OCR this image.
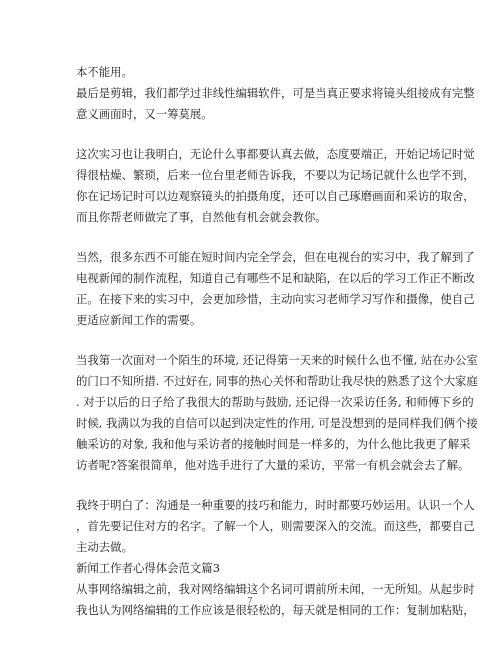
本不能用。
最后是剪辑，我们都学过非线性编辑软件，可是当真正要求将镜头组接成有完整
意义画面时，又一筹莫展。

这次实习也让我明白，无论什么事都要认真去做，态度要端正，开始记场记时觉
得很枯燥、繁琐，后来一位台里老师告诉我，不要以为记场记就什么也学不到，
你在记场记时可以边观察镜头的拍摄角度，还可以自己琢磨画面和采访的取舍，
而且你帮老师做完了事，自然他有机会就会教你。

当然，很多东西不可能在短时间内完全学会，但在电视台的实习中，我了解到了
电视新闻的制作流程，知道自己有哪些不足和缺陷，在以后的学习工作正不断改
正。在接下来的实习中，会更加珍惜，主动向实习老师学习写作和摄像，使自己
更适应新闻工作的需要。

当我第一次面对一个陌生的环境, 还记得第一天来的时候什么也不懂, 站在办公室
的门口不知所措. 不过好在, 同事的热心关怀和帮助让我尽快的熟悉了这个大家庭
. 对于以后的日子给了我很大的帮助与鼓励, 还记得一次采访任务, 和师傅下乡的
时候, 我满以为我的自信可以起到决定性的作用, 可是没想到的是同样我们俩个接
触采访的对象, 我和他与采访者的接触时间是一样多的，为什么他比我更了解采
访者呢?答案很简单，他对选手进行了大量的采访，平常一有机会就会去了解。

我终于明白了：沟通是一种重要的技巧和能力，时时都要巧妙运用。认识一个人
，首先要记住对方的名字。了解一个人，则需要深入的交流。而这些，都要自己
主动去做。

新闻工作者心得体会范文篇3

从事网络编辑之前，我对网络编辑这个名词可谓前所未闻，一无所知。从起步时
我也认为网络编辑的工作应该是很轻松的，每天就是相同的工作：复制加粘贴，

7
